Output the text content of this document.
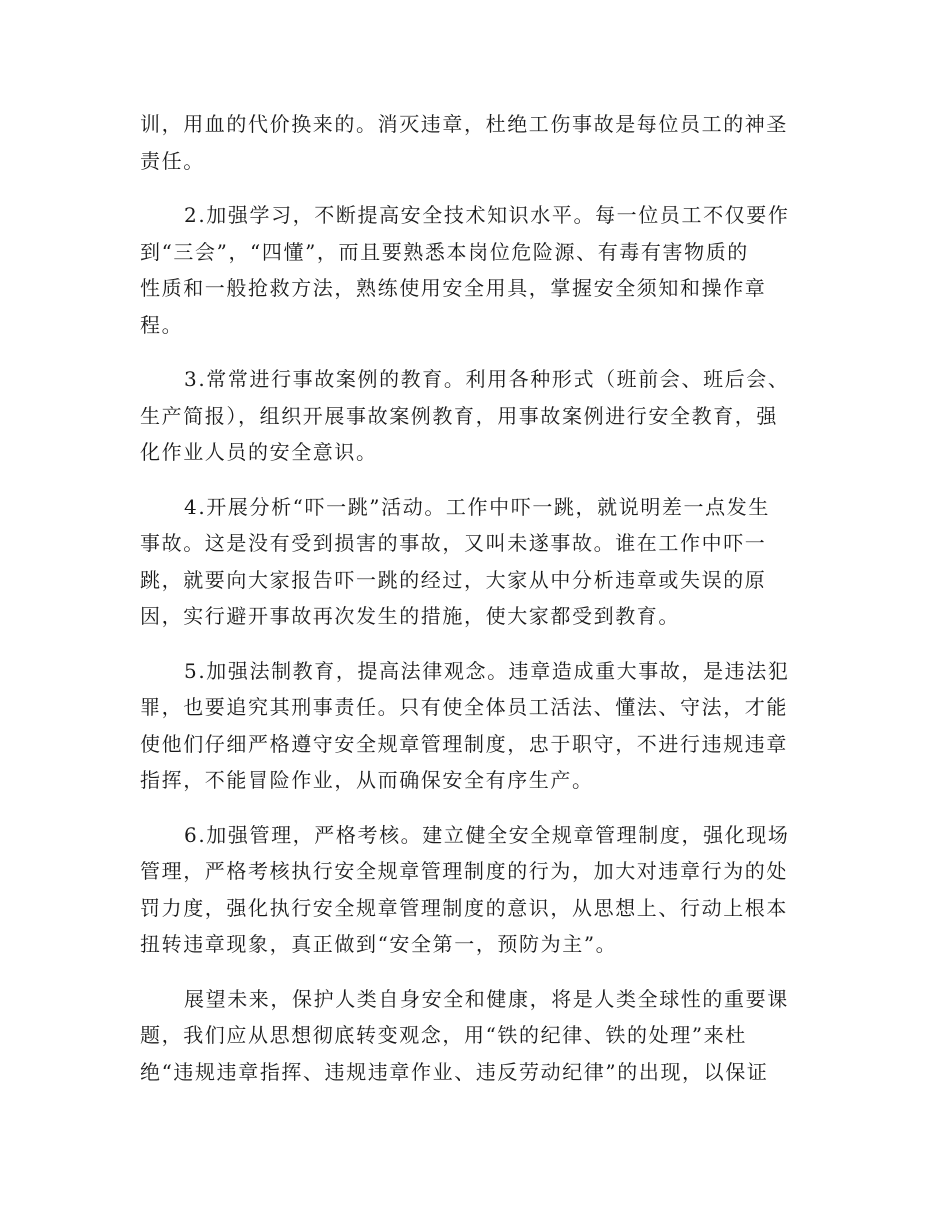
训，用血的代价换来的。消灭违章，杜绝工伤事故是每位员工的神圣
责任。

2.加强学习，不断提高安全技术知识水平。每一位员工不仅要作
到“三会”，“四懂”，而且要熟悉本岗位危险源、有毒有害物质的
性质和一般抢救方法，熟练使用安全用具，掌握安全须知和操作章
程。

3.常常进行事故案例的教育。利用各种形式（班前会、班后会、
生产简报），组织开展事故案例教育，用事故案例进行安全教育，强
化作业人员的安全意识。

4.开展分析“吓一跳”活动。工作中吓一跳，就说明差一点发生
事故。这是没有受到损害的事故，又叫未遂事故。谁在工作中吓一
跳，就要向大家报告吓一跳的经过，大家从中分析违章或失误的原
因，实行避开事故再次发生的措施，使大家都受到教育。

5.加强法制教育，提高法律观念。违章造成重大事故，是违法犯
罪，也要追究其刑事责任。只有使全体员工活法、懂法、守法，才能
使他们仔细严格遵守安全规章管理制度，忠于职守，不进行违规违章
指挥，不能冒险作业，从而确保安全有序生产。

6.加强管理，严格考核。建立健全安全规章管理制度，强化现场
管理，严格考核执行安全规章管理制度的行为，加大对违章行为的处
罚力度，强化执行安全规章管理制度的意识，从思想上、行动上根本
扭转违章现象，真正做到“安全第一，预防为主”。

展望未来，保护人类自身安全和健康，将是人类全球性的重要课
题，我们应从思想彻底转变观念，用“铁的纪律、铁的处理”来杜
绝“违规违章指挥、违规违章作业、违反劳动纪律”的出现，以保证
